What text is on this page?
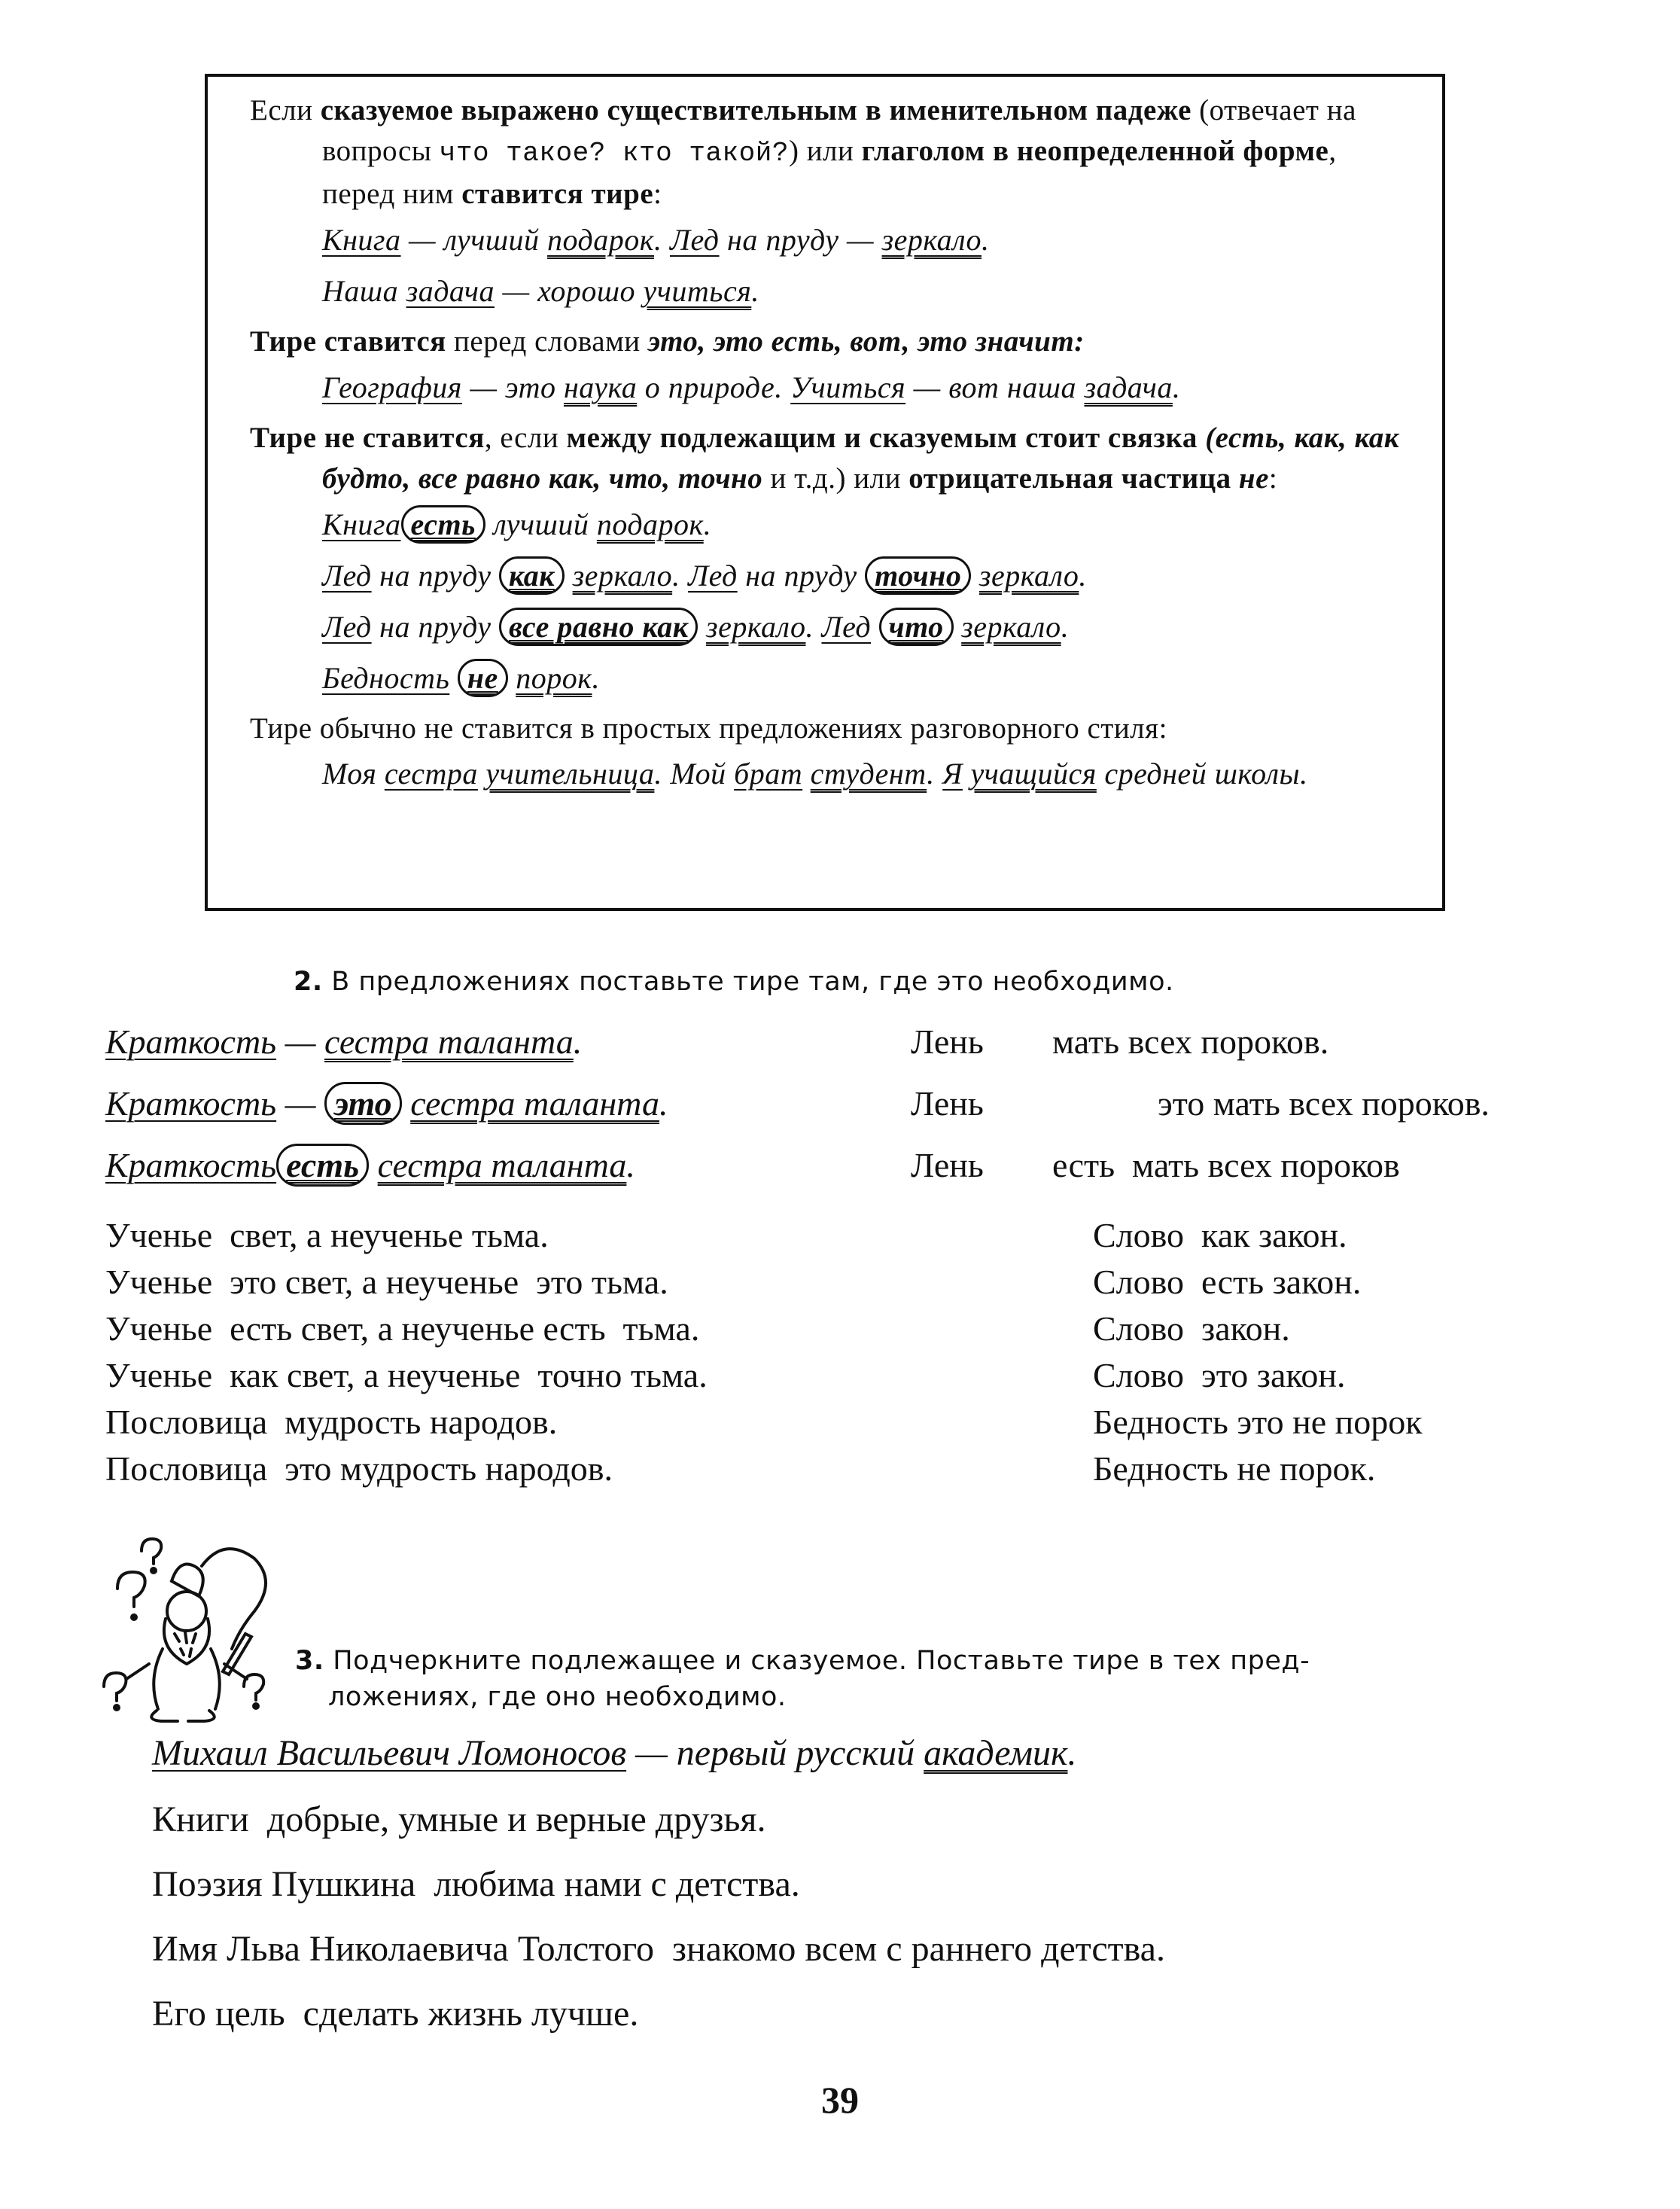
Если сказуемое выражено существительным в именительном падеже (отвечает на вопросы что такое? кто такой?) или глаголом в неопределенной форме, перед ним ставится тире:
Книга — лучший подарок. Лед на пруду — зеркало.
Наша задача — хорошо учиться.
Тире ставится перед словами это, это есть, вот, это значит:
География — это наука о природе. Учиться — вот наша задача.
Тире не ставится, если между подлежащим и сказуемым стоит связка (есть, как, как будто, все равно как, что, точно и т.д.) или отрицательная частица не:
Книга есть лучший подарок.
Лед на пруду как зеркало. Лед на пруду точно зеркало.
Лед на пруду все равно как зеркало. Лед что зеркало.
Бедность не порок.
Тире обычно не ставится в простых предложениях разговорного стиля:
Моя сестра учительница. Мой брат студент. Я учащийся средней школы.
2. В предложениях поставьте тире там, где это необходимо.
Краткость — сестра таланта.	Лень мать всех пороков.
Краткость — это сестра таланта.	Лень	это мать всех пороков.
Краткость есть сестра таланта.	Лень есть  мать всех пороков
Ученье  свет, а неученье тьма.
Ученье  это свет, а неученье  это тьма.
Ученье  есть свет, а неученье есть  тьма.
Ученье  как свет, а неученье  точно тьма.
Пословица  мудрость народов.
Пословица  это мудрость народов.
Слово  как закон.
Слово  есть закон.
Слово  закон.
Слово  это закон.
Бедность это не порок
Бедность не порок.
3. Подчеркните подлежащее и сказуемое. Поставьте тире в тех пред-
ложениях, где оно необходимо.
Михаил Васильевич Ломоносов — первый русский академик.
Книги  добрые, умные и верные друзья.
Поэзия Пушкина  любима нами с детства.
Имя Льва Николаевича Толстого  знакомо всем с раннего детства.
Его цель  сделать жизнь лучше.
39
